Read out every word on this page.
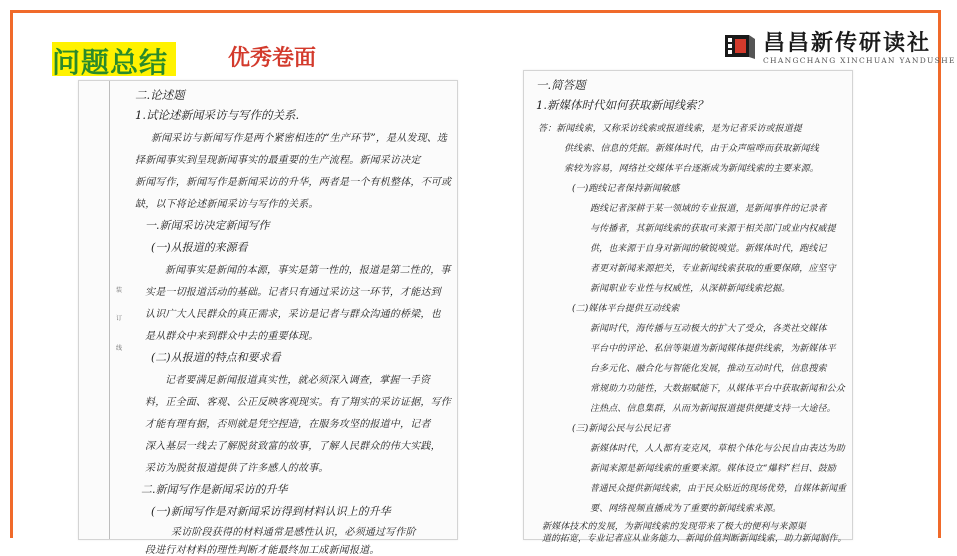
问题总结	优秀卷面
昌昌新传研读社
CHANGCHANG XINCHUAN YANDUSHE
装
订
线
二.论述题
1.试论述新闻采访与写作的关系.
新闻采访与新闻写作是两个紧密相连的“生产环节”，是从发现、选
择新闻事实到呈现新闻事实的最重要的生产流程。新闻采访决定
新闻写作，新闻写作是新闻采访的升华，两者是一个有机整体，不可或
缺，以下将论述新闻采访与写作的关系。
一.新闻采访决定新闻写作
(一)从报道的来源看
新闻事实是新闻的本源，事实是第一性的，报道是第二性的，事
实是一切报道活动的基础。记者只有通过采访这一环节，才能达到
认识广大人民群众的真正需求，采访是记者与群众沟通的桥梁，也
是从群众中来到群众中去的重要体现。
(二)从报道的特点和要求看
记者要满足新闻报道真实性，就必须深入调查，掌握一手资
料，正全面、客观、公正反映客观现实。有了翔实的采访证据，写作
才能有理有据，否则就是凭空捏造，在服务攻坚的报道中，记者
深入基层一线去了解脱贫致富的故事，了解人民群众的伟大实践，
采访为脱贫报道提供了许多感人的故事。
二.新闻写作是新闻采访的升华
(一)新闻写作是对新闻采访得到材料认识上的升华
采访阶段获得的材料通常是感性认识，必须通过写作阶
段进行对材料的理性判断才能最终加工成新闻报道。
一.简答题
1.新媒体时代如何获取新闻线索？
答：新闻线索，又称采访线索或报道线索，是为记者采访或报道提
供线索、信息的凭据。新媒体时代，由于众声喧哗而获取新闻线
索较为容易，网络社交媒体平台逐渐成为新闻线索的主要来源。
(一)跑线记者保持新闻敏感
跑线记者深耕于某一领域的专业报道，是新闻事件的记录者
与传播者，其新闻线索的获取可来源于相关部门或业内权威提
供，也来源于自身对新闻的敏锐嗅觉。新媒体时代，跑线记
者更对新闻来源把关，专业新闻线索获取的重要保障，应坚守
新闻职业专业性与权威性，从深耕新闻线索挖掘。
(二)媒体平台提供互动线索
新闻时代，海传播与互动极大的扩大了受众，各类社交媒体
平台中的评论、私信等渠道为新闻媒体提供线索，为新媒体平
台多元化、融合化与智能化发展，推动互动时代，信息搜索
常规助力功能性，大数据赋能下，从媒体平台中获取新闻和公众
注热点、信息集群，从而为新闻报道提供便捷支持一大途径。
(三)新闻公民与公民记者
新媒体时代，人人都有麦克风，草根个体化与公民自由表达为助
新闻来源是新闻线索的重要来源。媒体设立“爆料”栏目、鼓励
普通民众提供新闻线索，由于民众贴近的现场优势，自媒体新闻重
要、网络视频直播成为了重要的新闻线索来源。
新媒体技术的发展，为新闻线索的发现带来了极大的便利与来源渠
道的拓宽，专业记者应从业务能力、新闻价值判断新闻线索，助力新闻制作。
